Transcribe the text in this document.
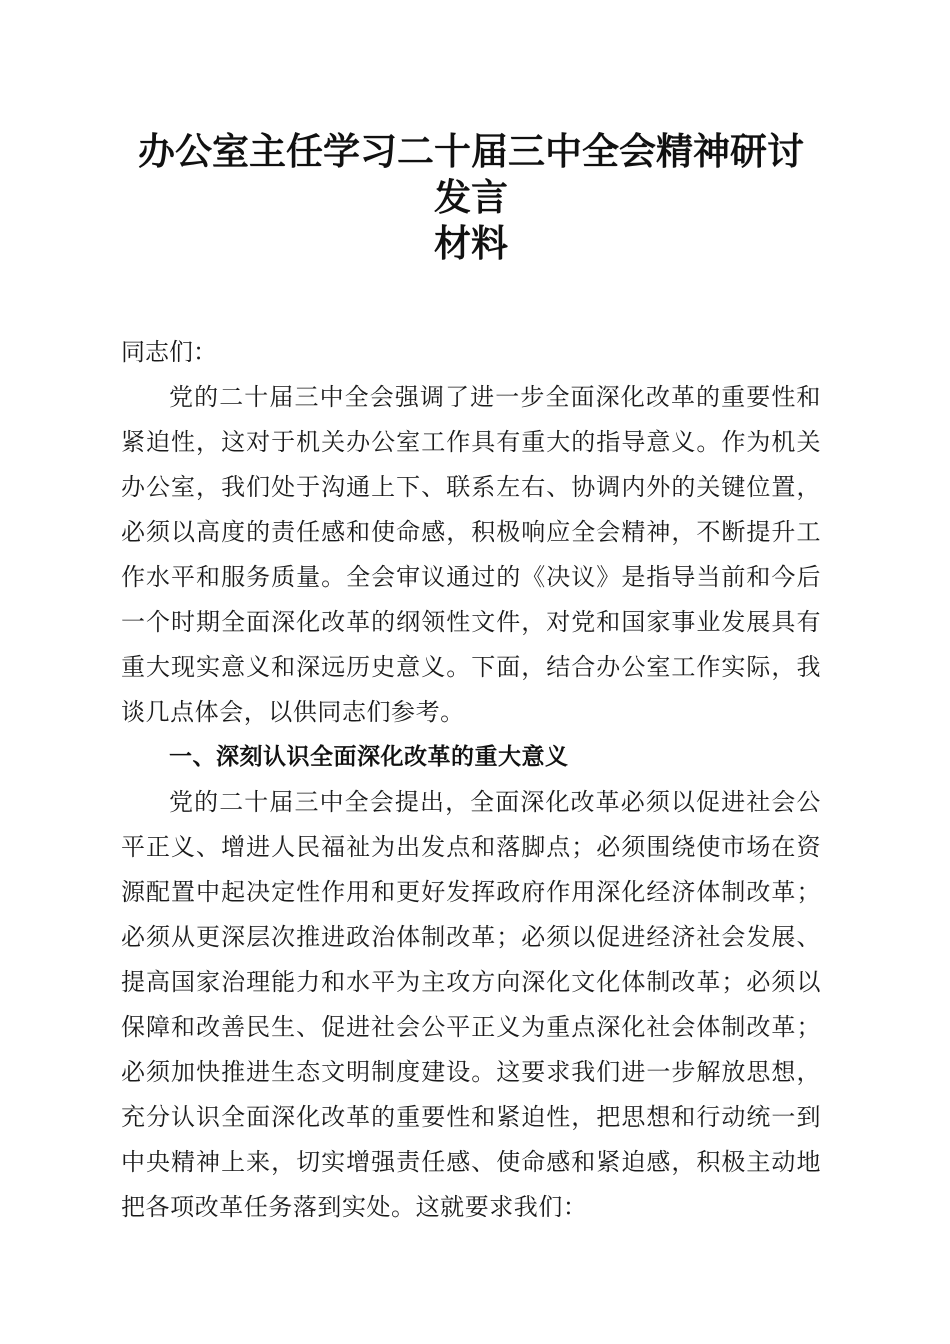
办公室主任学习二十届三中全会精神研讨发言
材料

同志们：

党的二十届三中全会强调了进一步全面深化改革的重要性和紧迫性，这对于机关办公室工作具有重大的指导意义。作为机关办公室，我们处于沟通上下、联系左右、协调内外的关键位置，必须以高度的责任感和使命感，积极响应全会精神，不断提升工作水平和服务质量。全会审议通过的《决议》是指导当前和今后一个时期全面深化改革的纲领性文件，对党和国家事业发展具有重大现实意义和深远历史意义。下面，结合办公室工作实际，我谈几点体会，以供同志们参考。

一、深刻认识全面深化改革的重大意义

党的二十届三中全会提出，全面深化改革必须以促进社会公平正义、增进人民福祉为出发点和落脚点；必须围绕使市场在资源配置中起决定性作用和更好发挥政府作用深化经济体制改革；必须从更深层次推进政治体制改革；必须以促进经济社会发展、提高国家治理能力和水平为主攻方向深化文化体制改革；必须以保障和改善民生、促进社会公平正义为重点深化社会体制改革；必须加快推进生态文明制度建设。这要求我们进一步解放思想，充分认识全面深化改革的重要性和紧迫性，把思想和行动统一到中央精神上来，切实增强责任感、使命感和紧迫感，积极主动地把各项改革任务落到实处。这就要求我们：
